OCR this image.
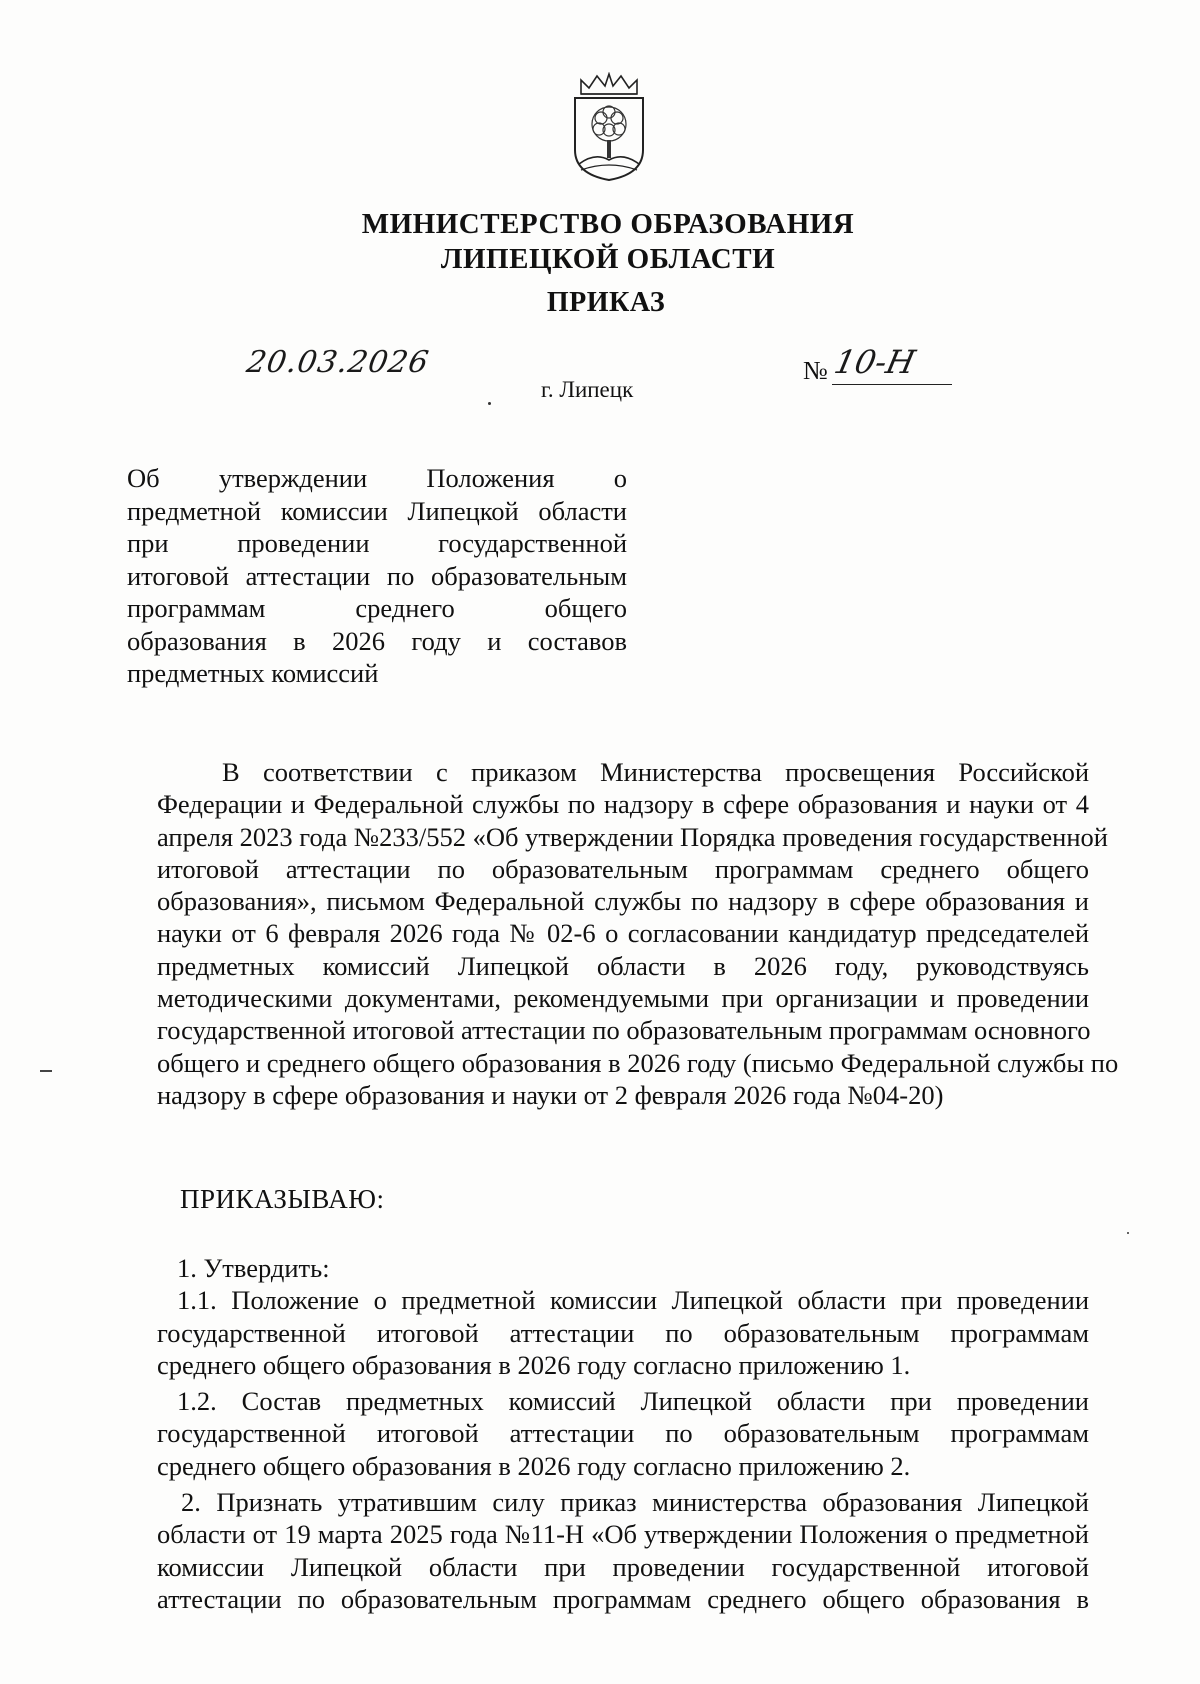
МИНИСТЕРСТВО ОБРАЗОВАНИЯ
ЛИПЕЦКОЙ ОБЛАСТИ
ПРИКАЗ
20.03.2026	№ 10-Н
г. Липецк
Об утверждении Положения о
предметной комиссии Липецкой области
при проведении государственной
итоговой аттестации по образовательным
программам среднего общего
образования в 2026 году и составов
предметных комиссий
В соответствии с приказом Министерства просвещения Российской
Федерации и Федеральной службы по надзору в сфере образования и науки от 4
апреля 2023 года №233/552 «Об утверждении Порядка проведения государственной
итоговой аттестации по образовательным программам среднего общего
образования», письмом Федеральной службы по надзору в сфере образования и
науки от 6 февраля 2026 года № 02-6 о согласовании кандидатур председателей
предметных комиссий Липецкой области в 2026 году, руководствуясь
методическими документами, рекомендуемыми при организации и проведении
государственной итоговой аттестации по образовательным программам основного
общего и среднего общего образования в 2026 году (письмо Федеральной службы по
надзору в сфере образования и науки от 2 февраля 2026 года №04-20)
ПРИКАЗЫВАЮ:
1. Утвердить:
1.1. Положение о предметной комиссии Липецкой области при проведении
государственной итоговой аттестации по образовательным программам
среднего общего образования в 2026 году согласно приложению 1.
1.2. Состав предметных комиссий Липецкой области при проведении
государственной итоговой аттестации по образовательным программам
среднего общего образования в 2026 году согласно приложению 2.
2. Признать утратившим силу приказ министерства образования Липецкой
области от 19 марта 2025 года №11-Н «Об утверждении Положения о предметной
комиссии Липецкой области при проведении государственной итоговой
аттестации по образовательным программам среднего общего образования в
